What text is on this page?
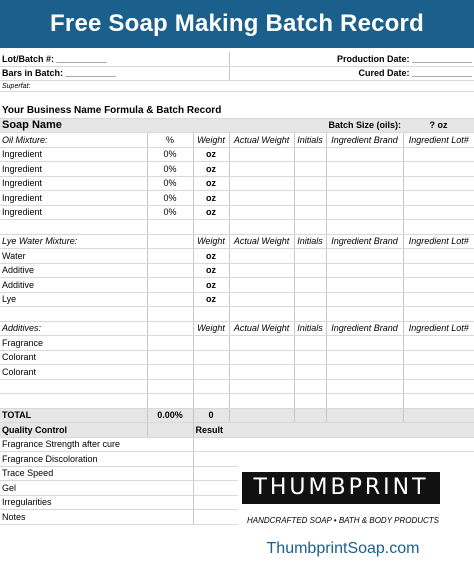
Free Soap Making Batch Record Template
Lot/Batch #: __________			Production Date: ____________			
Bars in Batch: __________			Cured Date: ____________			
Superfat:						

Your Business Name Formula & Batch Record						
Soap Name					Batch Size (oils):	? oz
Oil Mixture:	%	Weight	Actual Weight	Initials	Ingredient Brand	Ingredient Lot#
Ingredient	0%	oz				
Ingredient	0%	oz				
Ingredient	0%	oz				
Ingredient	0%	oz				
Ingredient	0%	oz				

Lye Water Mixture:		Weight	Actual Weight	Initials	Ingredient Brand	Ingredient Lot#
Water		oz				
Additive		oz				
Additive		oz				
Lye		oz				

Additives:		Weight	Actual Weight	Initials	Ingredient Brand	Ingredient Lot#
Fragrance						
Colorant						
Colorant						

TOTAL	0.00%	0				
Quality Control		Result				
Fragrance Strength after cure						
Fragrance Discoloration						
Trace Speed						
Gel						
Irregularities						
Notes						
THUMBPRINT
HANDCRAFTED SOAP • BATH & BODY PRODUCTS
ThumbprintSoap.com
